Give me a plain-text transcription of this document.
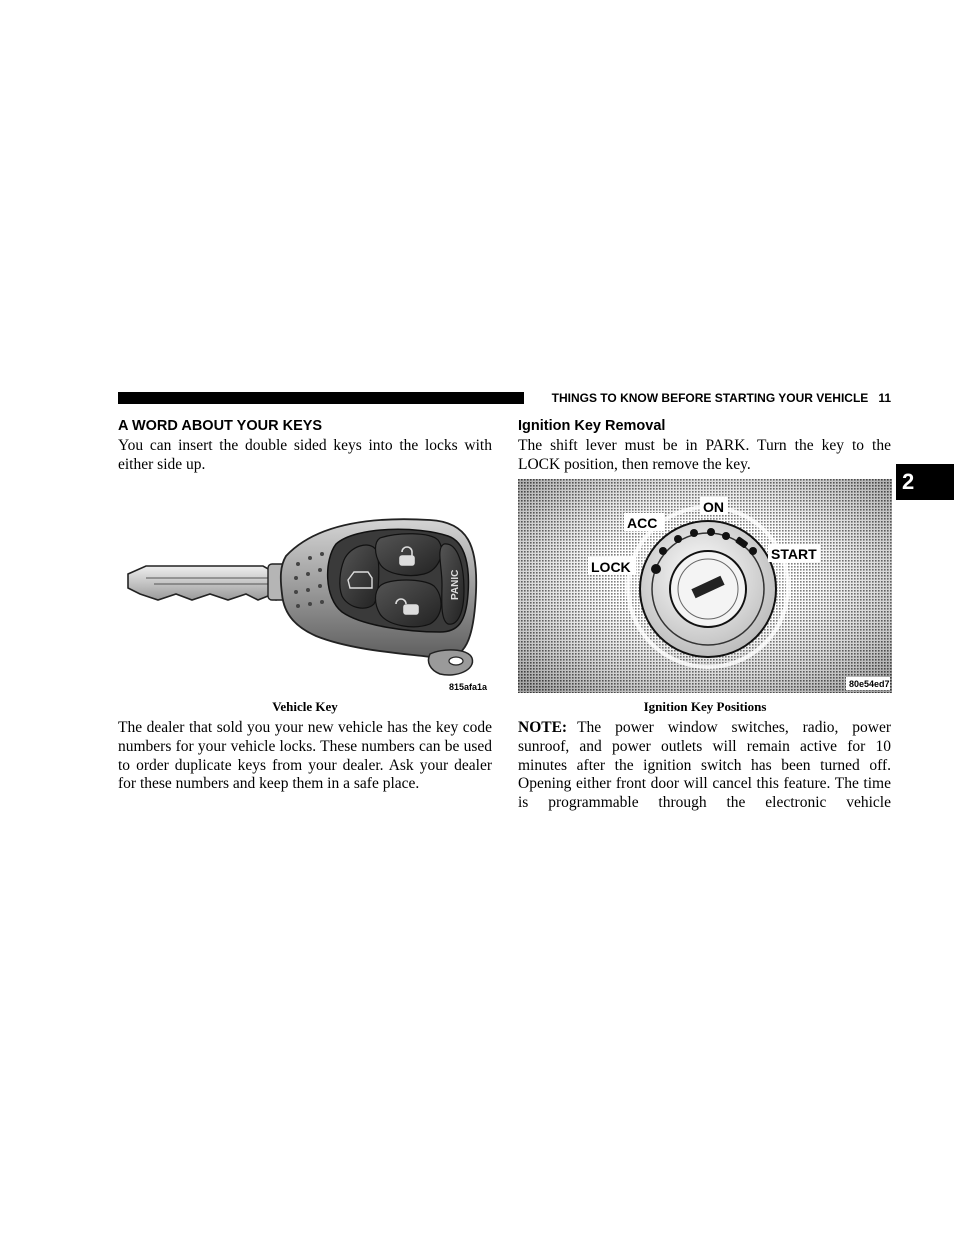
THINGS TO KNOW BEFORE STARTING YOUR VEHICLE 11
2
A WORD ABOUT YOUR KEYS
You can insert the double sided keys into the locks with either side up.
PANIC
815afa1a
Vehicle Key
The dealer that sold you your new vehicle has the key code numbers for your vehicle locks. These numbers can be used to order duplicate keys from your dealer. Ask your dealer for these numbers and keep them in a safe place.
Ignition Key Removal
The shift lever must be in PARK. Turn the key to the LOCK position, then remove the key.
ON
ACC
LOCK
START
80e54ed7
Ignition Key Positions
NOTE: The power window switches, radio, power sunroof, and power outlets will remain active for 10 minutes after the ignition switch has been turned off. Opening either front door will cancel this feature. The time is programmable through the electronic vehicle
